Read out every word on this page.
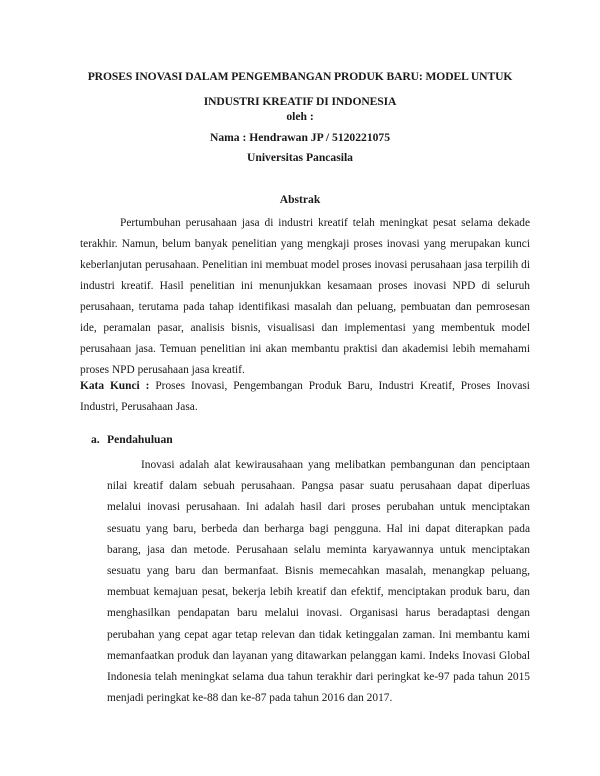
PROSES INOVASI DALAM PENGEMBANGAN PRODUK BARU: MODEL UNTUK
INDUSTRI KREATIF DI INDONESIA
oleh :
Nama : Hendrawan JP / 5120221075
Universitas Pancasila
Abstrak

Pertumbuhan perusahaan jasa di industri kreatif telah meningkat pesat selama dekade terakhir. Namun, belum banyak penelitian yang mengkaji proses inovasi yang merupakan kunci keberlanjutan perusahaan. Penelitian ini membuat model proses inovasi perusahaan jasa terpilih di industri kreatif. Hasil penelitian ini menunjukkan kesamaan proses inovasi NPD di seluruh perusahaan, terutama pada tahap identifikasi masalah dan peluang, pembuatan dan pemrosesan ide, peramalan pasar, analisis bisnis, visualisasi dan implementasi yang membentuk model perusahaan jasa. Temuan penelitian ini akan membantu praktisi dan akademisi lebih memahami proses NPD perusahaan jasa kreatif.

Kata Kunci : Proses Inovasi, Pengembangan Produk Baru, Industri Kreatif, Proses Inovasi Industri, Perusahaan Jasa.

a. Pendahuluan

Inovasi adalah alat kewirausahaan yang melibatkan pembangunan dan penciptaan nilai kreatif dalam sebuah perusahaan. Pangsa pasar suatu perusahaan dapat diperluas melalui inovasi perusahaan. Ini adalah hasil dari proses perubahan untuk menciptakan sesuatu yang baru, berbeda dan berharga bagi pengguna. Hal ini dapat diterapkan pada barang, jasa dan metode. Perusahaan selalu meminta karyawannya untuk menciptakan sesuatu yang baru dan bermanfaat. Bisnis memecahkan masalah, menangkap peluang, membuat kemajuan pesat, bekerja lebih kreatif dan efektif, menciptakan produk baru, dan menghasilkan pendapatan baru melalui inovasi. Organisasi harus beradaptasi dengan perubahan yang cepat agar tetap relevan dan tidak ketinggalan zaman. Ini membantu kami memanfaatkan produk dan layanan yang ditawarkan pelanggan kami. Indeks Inovasi Global Indonesia telah meningkat selama dua tahun terakhir dari peringkat ke-97 pada tahun 2015 menjadi peringkat ke-88 dan ke-87 pada tahun 2016 dan 2017.
